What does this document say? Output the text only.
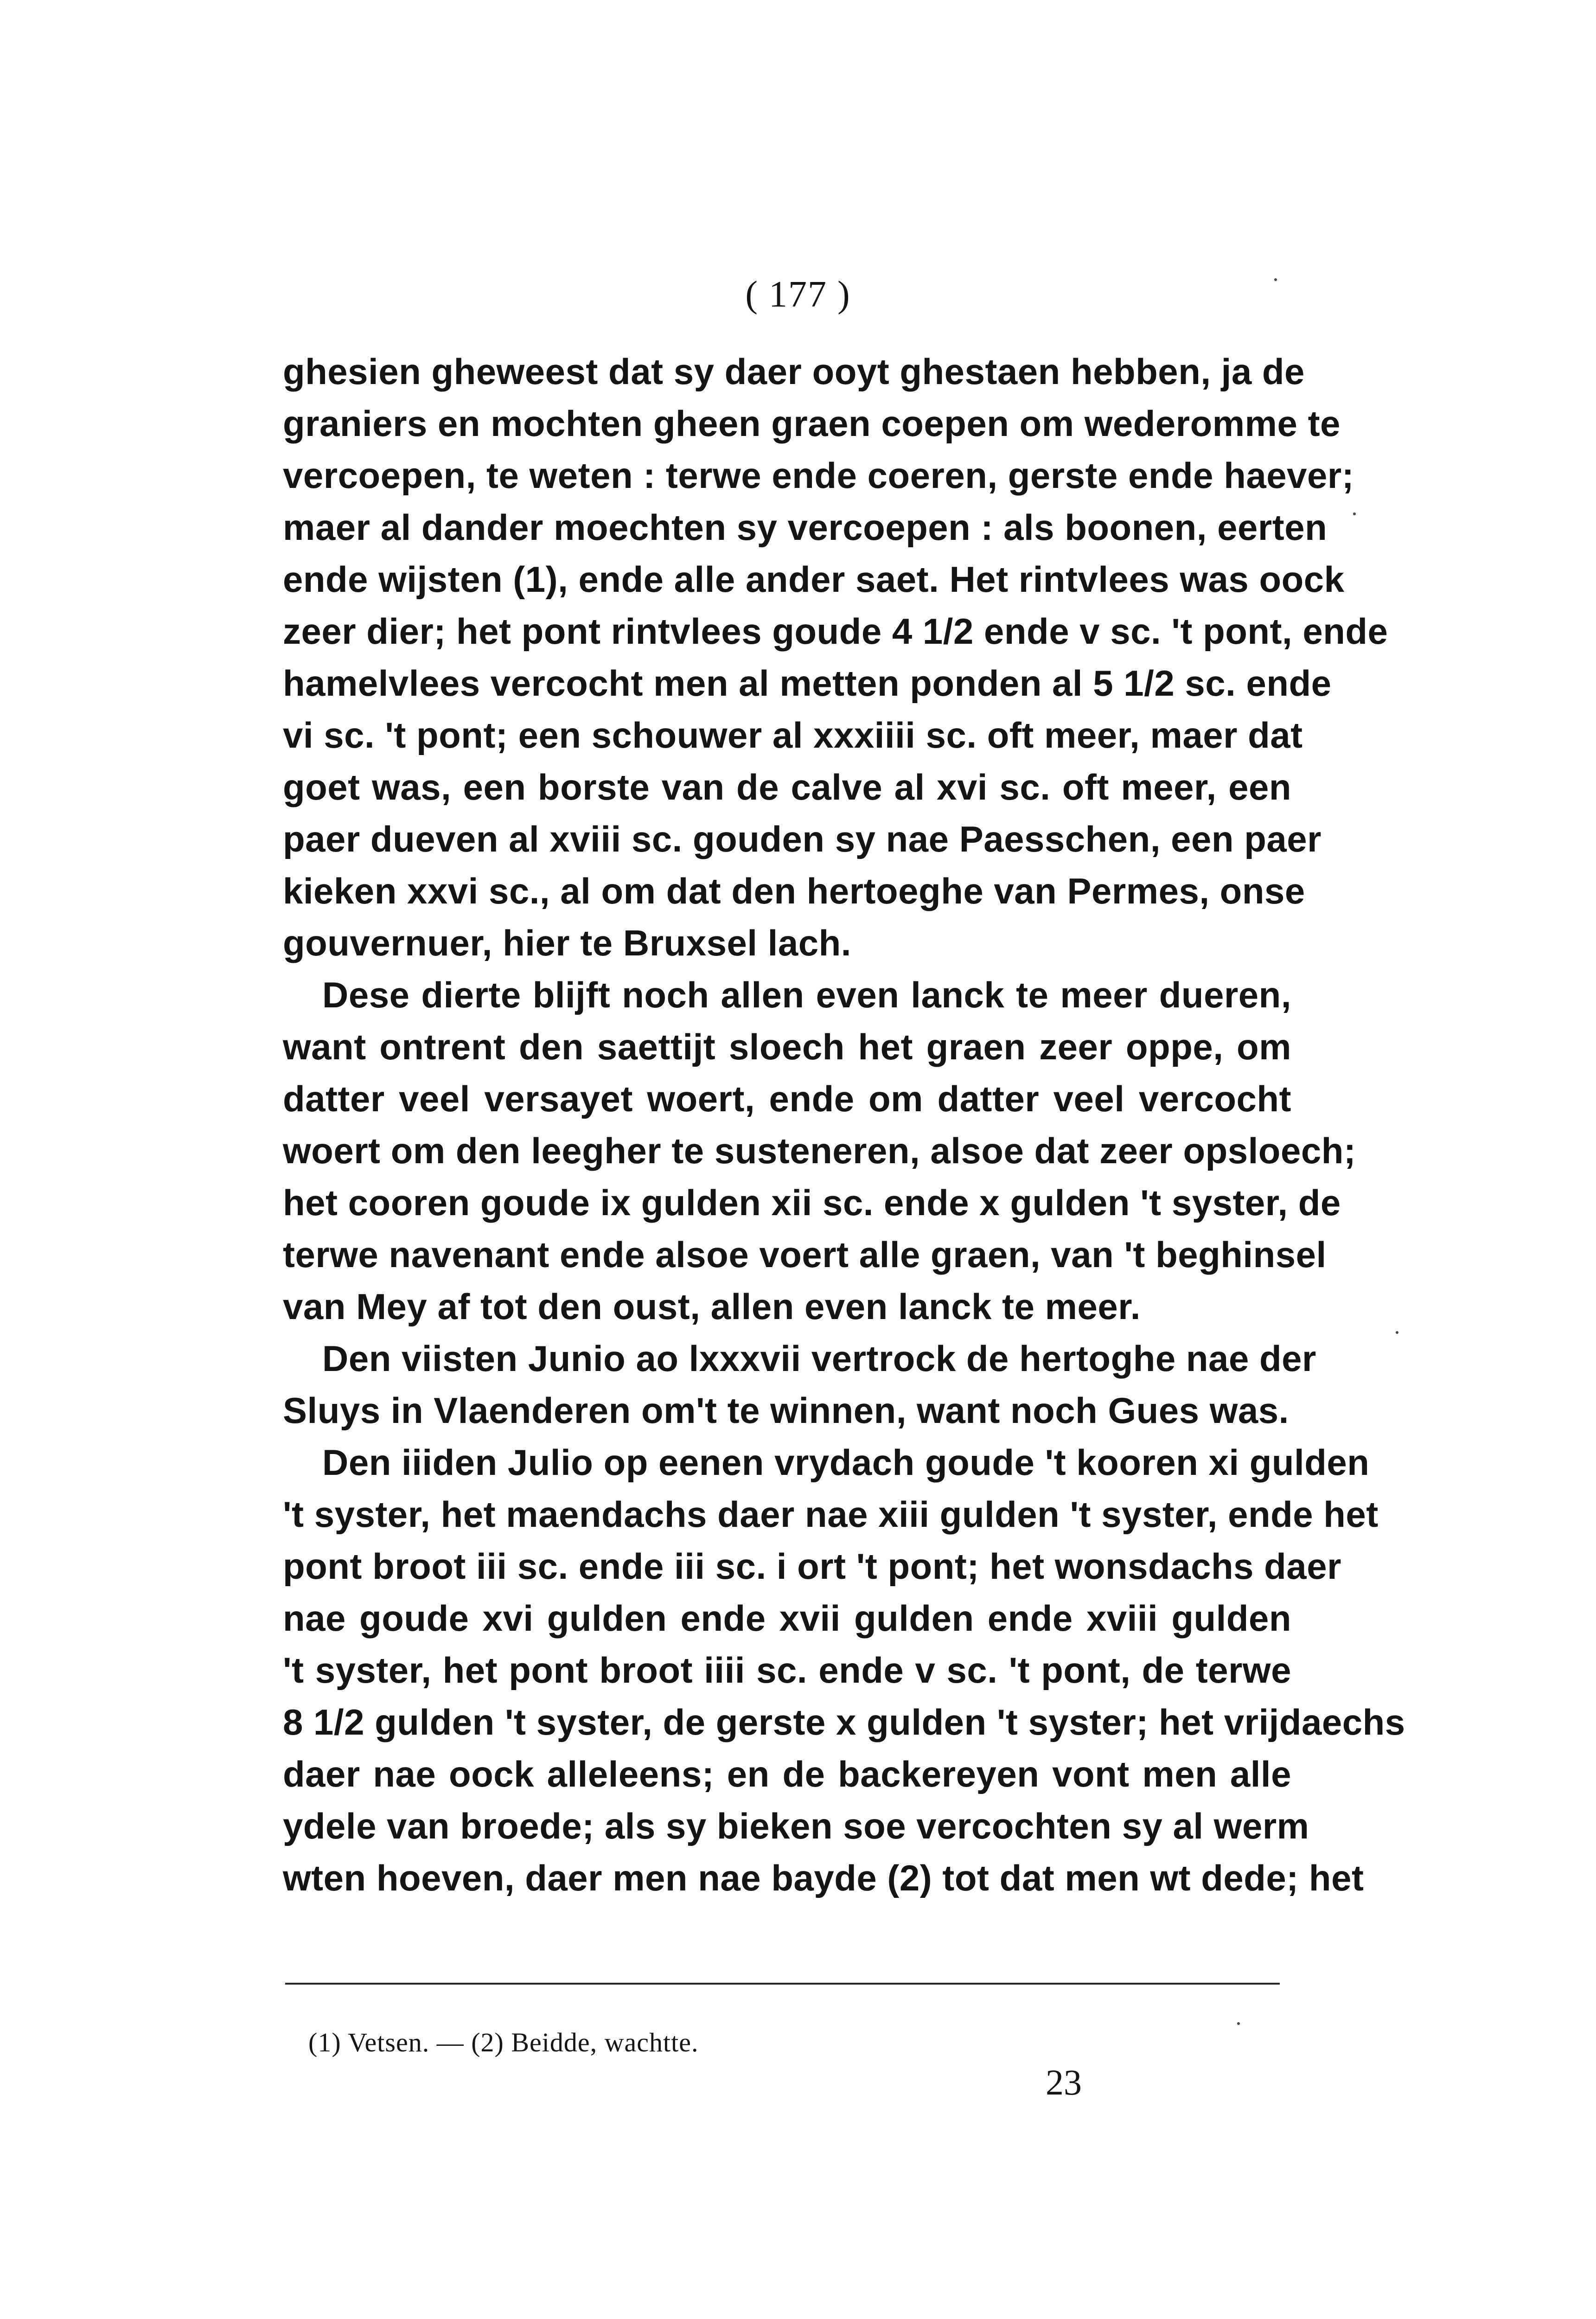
( 177 )
ghesien gheweest dat sy daer ooyt ghestaen hebben, ja de
graniers en mochten gheen graen coepen om wederomme te
vercoepen, te weten : terwe ende coeren, gerste ende haever;
maer al dander moechten sy vercoepen : als boonen, eerten
ende wijsten (1), ende alle ander saet. Het rintvlees was oock
zeer dier; het pont rintvlees goude 4 1/2 ende v sc. 't pont, ende
hamelvlees vercocht men al metten ponden al 5 1/2 sc. ende
vi sc. 't pont; een schouwer al xxxiiii sc. oft meer, maer dat
goet was, een borste van de calve al xvi sc. oft meer, een
paer dueven al xviii sc. gouden sy nae Paesschen, een paer
kieken xxvi sc., al om dat den hertoeghe van Permes, onse
gouvernuer, hier te Bruxsel lach.
Dese dierte blijft noch allen even lanck te meer dueren,
want ontrent den saettijt sloech het graen zeer oppe, om
datter veel versayet woert, ende om datter veel vercocht
woert om den leegher te susteneren, alsoe dat zeer opsloech;
het cooren goude ix gulden xii sc. ende x gulden 't syster, de
terwe navenant ende alsoe voert alle graen, van 't beghinsel
van Mey af tot den oust, allen even lanck te meer.
Den viisten Junio ao lxxxvii vertrock de hertoghe nae der
Sluys in Vlaenderen om't te winnen, want noch Gues was.
Den iiiden Julio op eenen vrydach goude 't kooren xi gulden
't syster, het maendachs daer nae xiii gulden 't syster, ende het
pont broot iii sc. ende iii sc. i ort 't pont; het wonsdachs daer
nae goude xvi gulden ende xvii gulden ende xviii gulden
't syster, het pont broot iiii sc. ende v sc. 't pont, de terwe
8 1/2 gulden 't syster, de gerste x gulden 't syster; het vrijdaechs
daer nae oock alleleens; en de backereyen vont men alle
ydele van broede; als sy bieken soe vercochten sy al werm
wten hoeven, daer men nae bayde (2) tot dat men wt dede; het
(1) Vetsen. — (2) Beidde, wachtte.
23
